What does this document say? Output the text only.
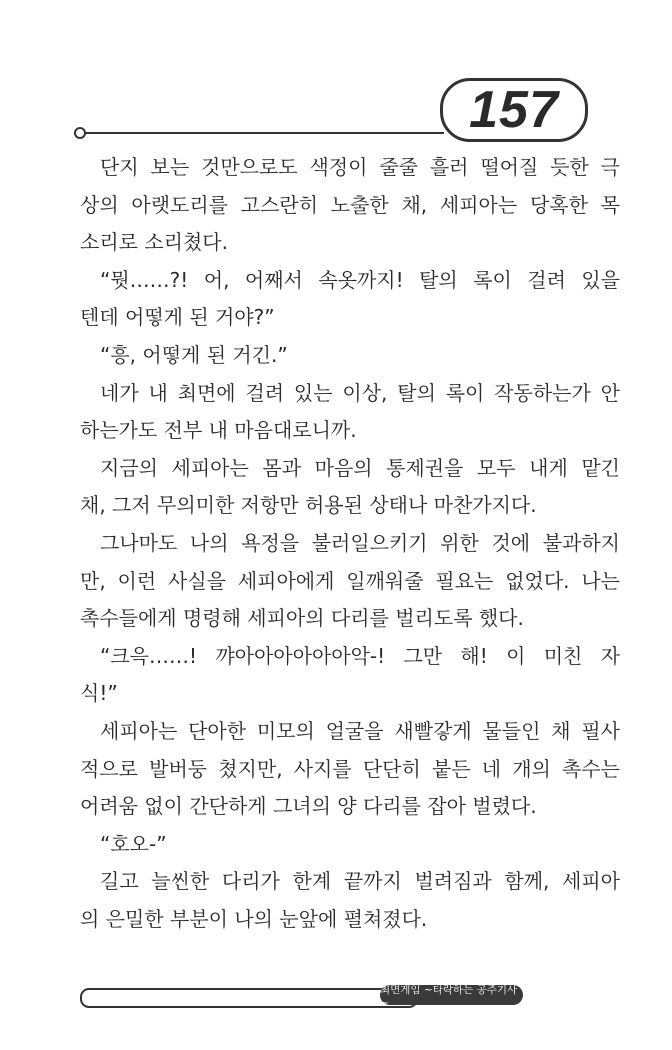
157
단지 보는 것만으로도 색정이 줄줄 흘러 떨어질 듯한 극
상의 아랫도리를 고스란히 노출한 채, 세피아는 당혹한 목
소리로 소리쳤다.
“뭣……?! 어, 어째서 속옷까지! 탈의 록이 걸려 있을
텐데 어떻게 된 거야?”
“흥, 어떻게 된 거긴.”
네가 내 최면에 걸려 있는 이상, 탈의 록이 작동하는가 안
하는가도 전부 내 마음대로니까.
지금의 세피아는 몸과 마음의 통제권을 모두 내게 맡긴
채, 그저 무의미한 저항만 허용된 상태나 마찬가지다.
그나마도 나의 욕정을 불러일으키기 위한 것에 불과하지
만, 이런 사실을 세피아에게 일깨워줄 필요는 없었다. 나는
촉수들에게 명령해 세피아의 다리를 벌리도록 했다.
“크윽……! 꺄아아아아아아악-! 그만 해! 이 미친 자
식!”
세피아는 단아한 미모의 얼굴을 새빨갛게 물들인 채 필사
적으로 발버둥 쳤지만, 사지를 단단히 붙든 네 개의 촉수는
어려움 없이 간단하게 그녀의 양 다리를 잡아 벌렸다.
“호오-”
길고 늘씬한 다리가 한계 끝까지 벌려짐과 함께, 세피아
의 은밀한 부분이 나의 눈앞에 펼쳐졌다.
최면게임 ~타락하는 공주기사~
